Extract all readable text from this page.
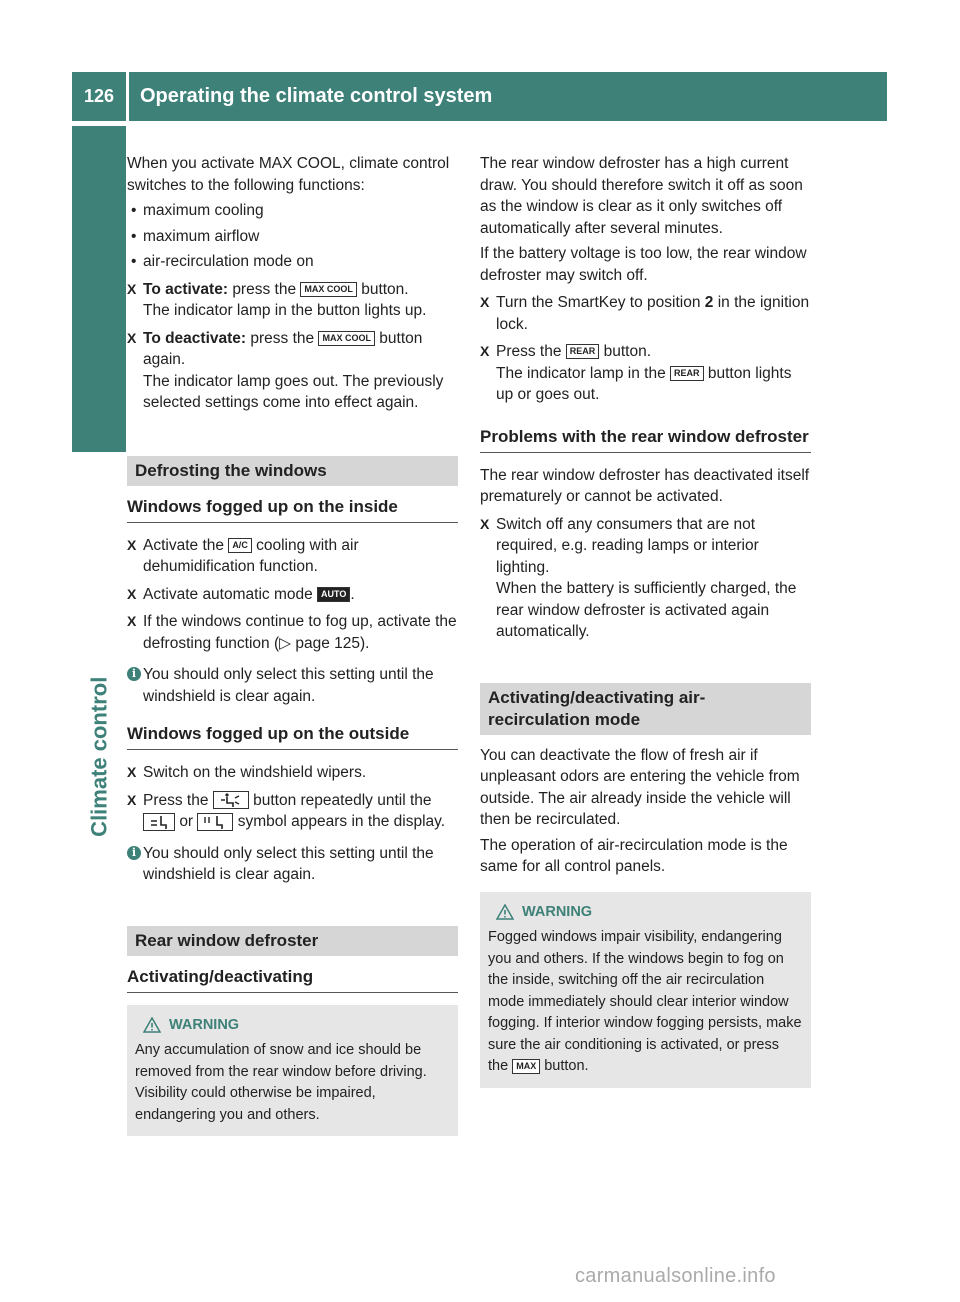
126	Operating the climate control system
Climate control

When you activate MAX COOL, climate control switches to the following functions:

• maximum cooling
• maximum airflow
• air-recirculation mode on
X To activate: press the MAX COOL button.
The indicator lamp in the button lights up.
X To deactivate: press the MAX COOL button again.
The indicator lamp goes out. The previously selected settings come into effect again.
Defrosting the windows
Windows fogged up on the inside
X Activate the A/C cooling with air dehumidification function.
X Activate automatic mode AUTO .
X If the windows continue to fog up, activate the defrosting function (▷ page 125).
i You should only select this setting until the windshield is clear again.
Windows fogged up on the outside
X Switch on the windshield wipers.
X Press the	button repeatedly until the
or	symbol appears in the display.
i You should only select this setting until the windshield is clear again.
Rear window defroster
Activating/deactivating
WARNING
Any accumulation of snow and ice should be removed from the rear window before driving. Visibility could otherwise be impaired, endangering you and others.

The rear window defroster has a high current draw. You should therefore switch it off as soon as the window is clear as it only switches off automatically after several minutes.

If the battery voltage is too low, the rear window defroster may switch off.

X Turn the SmartKey to position 2 in the ignition lock.
X Press the REAR button.
The indicator lamp in the REAR button lights up or goes out.
Problems with the rear window defroster

The rear window defroster has deactivated itself prematurely or cannot be activated.

X Switch off any consumers that are not required, e.g. reading lamps or interior lighting.
When the battery is sufficiently charged, the rear window defroster is activated again automatically.
Activating/deactivating air-recirculation mode

You can deactivate the flow of fresh air if unpleasant odors are entering the vehicle from outside. The air already inside the vehicle will then be recirculated.

The operation of air-recirculation mode is the same for all control panels.

WARNING
Fogged windows impair visibility, endangering you and others. If the windows begin to fog on the inside, switching off the air recirculation mode immediately should clear interior window fogging. If interior window fogging persists, make sure the air conditioning is activated, or press the MAX button.
carmanualsonline.info
